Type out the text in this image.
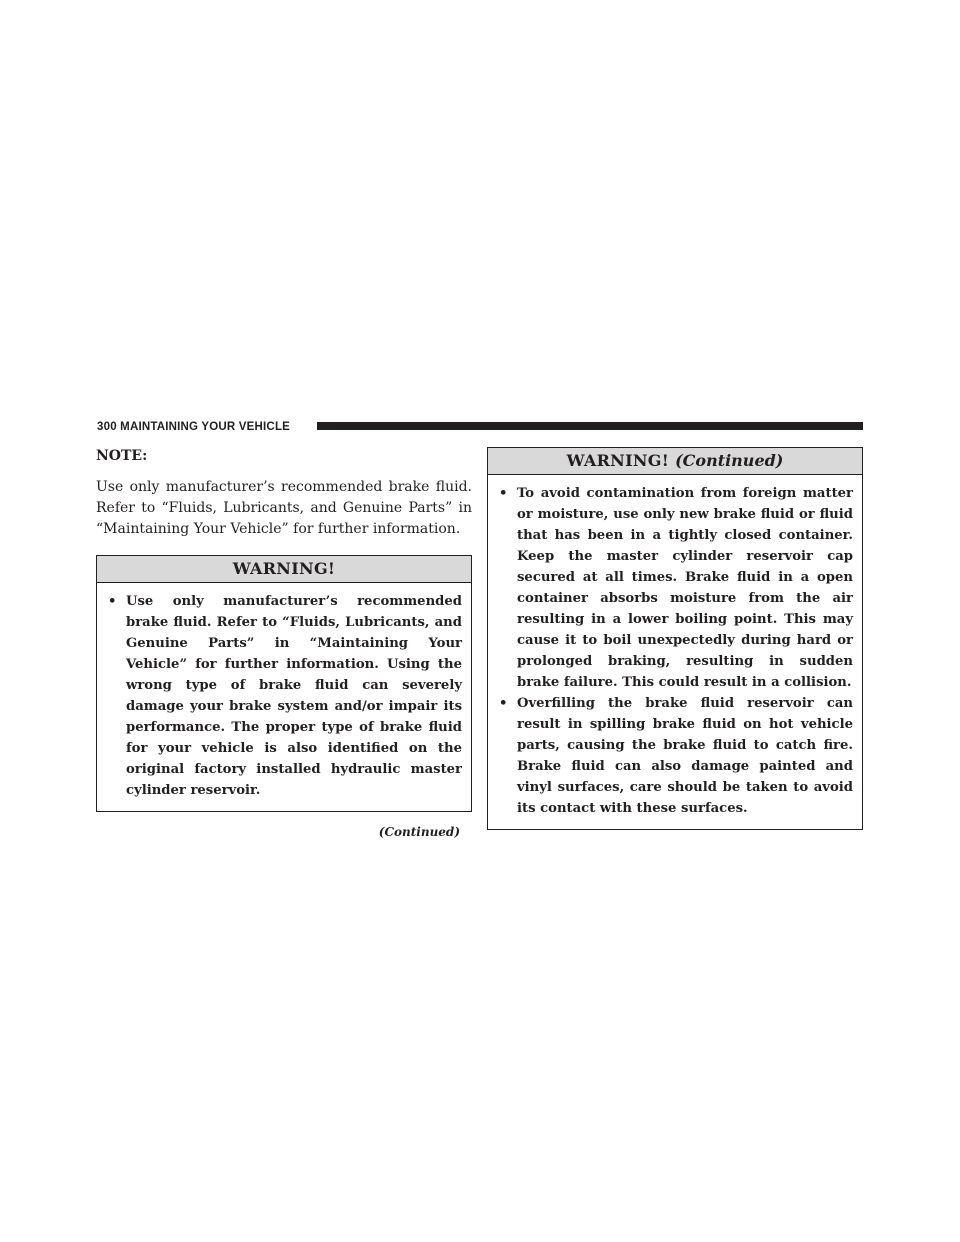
300 MAINTAINING YOUR VEHICLE
NOTE:

Use only manufacturer’s recommended brake fluid. Refer to “Fluids, Lubricants, and Genuine Parts” in “Maintaining Your Vehicle” for further information.

WARNING!
• Use only manufacturer’s recommended brake fluid. Refer to “Fluids, Lubricants, and Genuine Parts” in “Maintaining Your Vehicle” for further information. Using the wrong type of brake fluid can severely damage your brake system and/or impair its performance. The proper type of brake fluid for your vehicle is also identified on the original factory installed hydraulic master cylinder reservoir.
(Continued)
WARNING! (Continued)
• To avoid contamination from foreign matter or moisture, use only new brake fluid or fluid that has been in a tightly closed container. Keep the master cylinder reservoir cap secured at all times. Brake fluid in a open container absorbs moisture from the air resulting in a lower boiling point. This may cause it to boil unexpectedly during hard or prolonged braking, resulting in sudden brake failure. This could result in a collision.
• Overfilling the brake fluid reservoir can result in spilling brake fluid on hot vehicle parts, causing the brake fluid to catch fire. Brake fluid can also damage painted and vinyl surfaces, care should be taken to avoid its contact with these surfaces.
